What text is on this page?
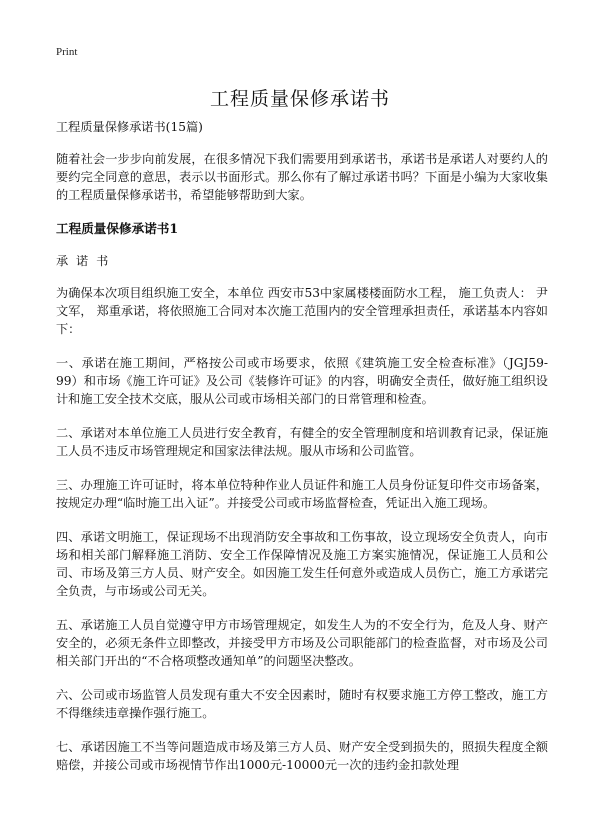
Print
工程质量保修承诺书

工程质量保修承诺书(15篇)

随着社会一步步向前发展，在很多情况下我们需要用到承诺书，承诺书是承诺人对要约人的要约完全同意的意思，表示以书面形式。那么你有了解过承诺书吗？下面是小编为大家收集的工程质量保修承诺书，希望能够帮助到大家。

工程质量保修承诺书1

承 诺 书

为确保本次项目组织施工安全，本单位 西安市53中家属楼楼面防水工程， 施工负责人： 尹文军， 郑重承诺，将依照施工合同对本次施工范围内的安全管理承担责任，承诺基本内容如下：

一、承诺在施工期间，严格按公司或市场要求，依照《建筑施工安全检查标准》（JGJ59-99）和市场《施工许可证》及公司《装修许可证》的内容，明确安全责任，做好施工组织设计和施工安全技术交底，服从公司或市场相关部门的日常管理和检查。

二、承诺对本单位施工人员进行安全教育，有健全的安全管理制度和培训教育记录，保证施工人员不违反市场管理规定和国家法律法规。服从市场和公司监管。

三、办理施工许可证时，将本单位特种作业人员证件和施工人员身份证复印件交市场备案，按规定办理“临时施工出入证”。并接受公司或市场监督检查，凭证出入施工现场。

四、承诺文明施工，保证现场不出现消防安全事故和工伤事故，设立现场安全负责人，向市场和相关部门解释施工消防、安全工作保障情况及施工方案实施情况，保证施工人员和公司、市场及第三方人员、财产安全。如因施工发生任何意外或造成人员伤亡，施工方承诺完全负责，与市场或公司无关。

五、承诺施工人员自觉遵守甲方市场管理规定，如发生人为的不安全行为，危及人身、财产安全的，必须无条件立即整改，并接受甲方市场及公司职能部门的检查监督，对市场及公司相关部门开出的“不合格项整改通知单”的问题坚决整改。

六、公司或市场监管人员发现有重大不安全因素时，随时有权要求施工方停工整改，施工方不得继续违章操作强行施工。

七、承诺因施工不当等问题造成市场及第三方人员、财产安全受到损失的，照损失程度全额赔偿，并接公司或市场视情节作出1000元-10000元一次的违约金扣款处理
